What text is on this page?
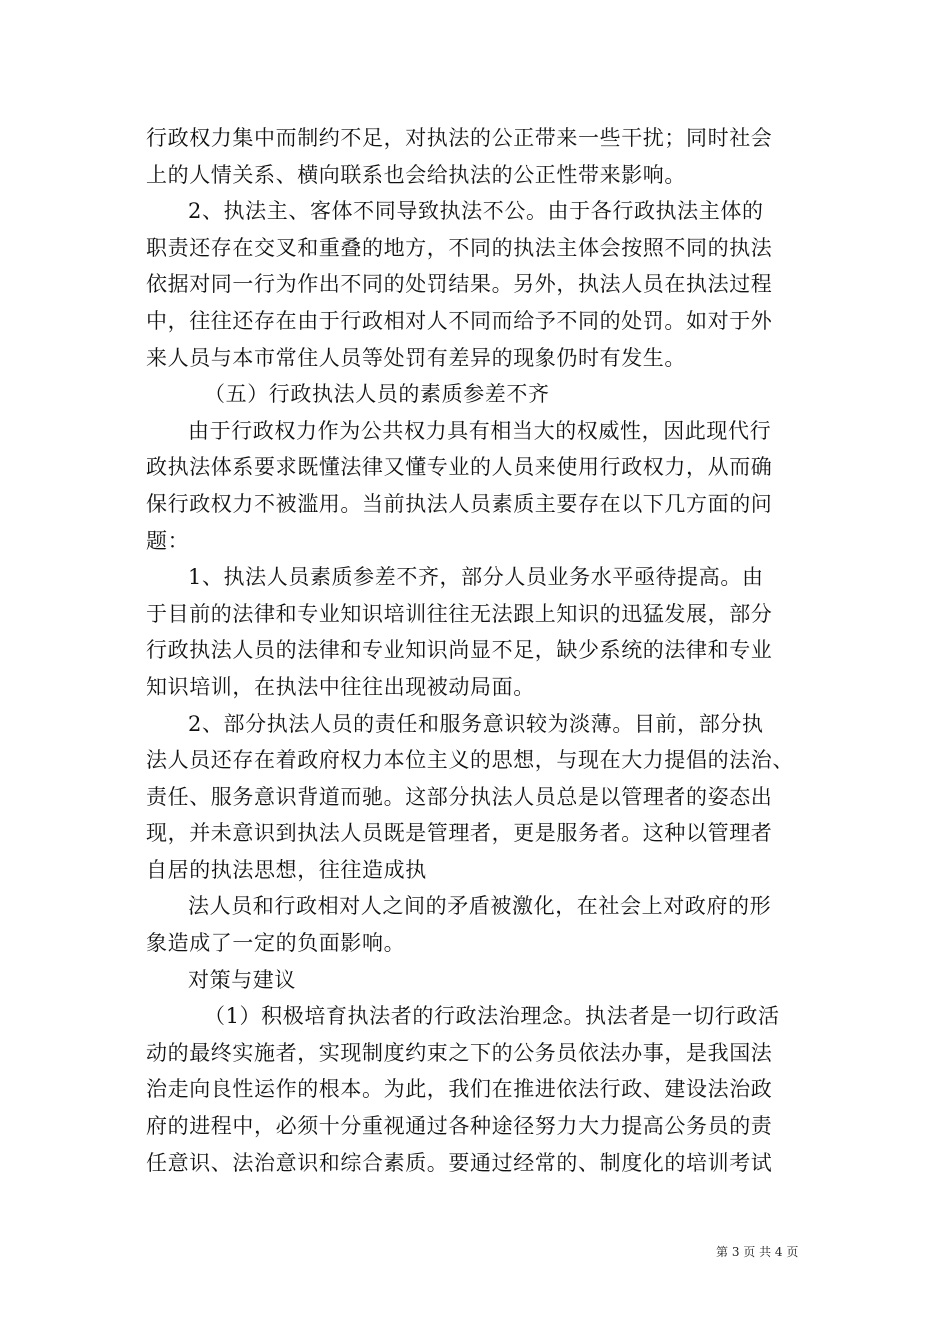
行政权力集中而制约不足，对执法的公正带来一些干扰；同时社会
上的人情关系、横向联系也会给执法的公正性带来影响。
2、执法主、客体不同导致执法不公。由于各行政执法主体的
职责还存在交叉和重叠的地方，不同的执法主体会按照不同的执法
依据对同一行为作出不同的处罚结果。另外，执法人员在执法过程
中，往往还存在由于行政相对人不同而给予不同的处罚。如对于外
来人员与本市常住人员等处罚有差异的现象仍时有发生。
（五）行政执法人员的素质参差不齐
由于行政权力作为公共权力具有相当大的权威性，因此现代行
政执法体系要求既懂法律又懂专业的人员来使用行政权力，从而确
保行政权力不被滥用。当前执法人员素质主要存在以下几方面的问
题：
1、执法人员素质参差不齐，部分人员业务水平亟待提高。由
于目前的法律和专业知识培训往往无法跟上知识的迅猛发展，部分
行政执法人员的法律和专业知识尚显不足，缺少系统的法律和专业
知识培训，在执法中往往出现被动局面。
2、部分执法人员的责任和服务意识较为淡薄。目前，部分执
法人员还存在着政府权力本位主义的思想，与现在大力提倡的法治、
责任、服务意识背道而驰。这部分执法人员总是以管理者的姿态出
现，并未意识到执法人员既是管理者，更是服务者。这种以管理者
自居的执法思想，往往造成执
法人员和行政相对人之间的矛盾被激化，在社会上对政府的形
象造成了一定的负面影响。
对策与建议
（1）积极培育执法者的行政法治理念。执法者是一切行政活
动的最终实施者，实现制度约束之下的公务员依法办事，是我国法
治走向良性运作的根本。为此，我们在推进依法行政、建设法治政
府的进程中，必须十分重视通过各种途径努力大力提高公务员的责
任意识、法治意识和综合素质。要通过经常的、制度化的培训考试
第 3 页 共 4 页
